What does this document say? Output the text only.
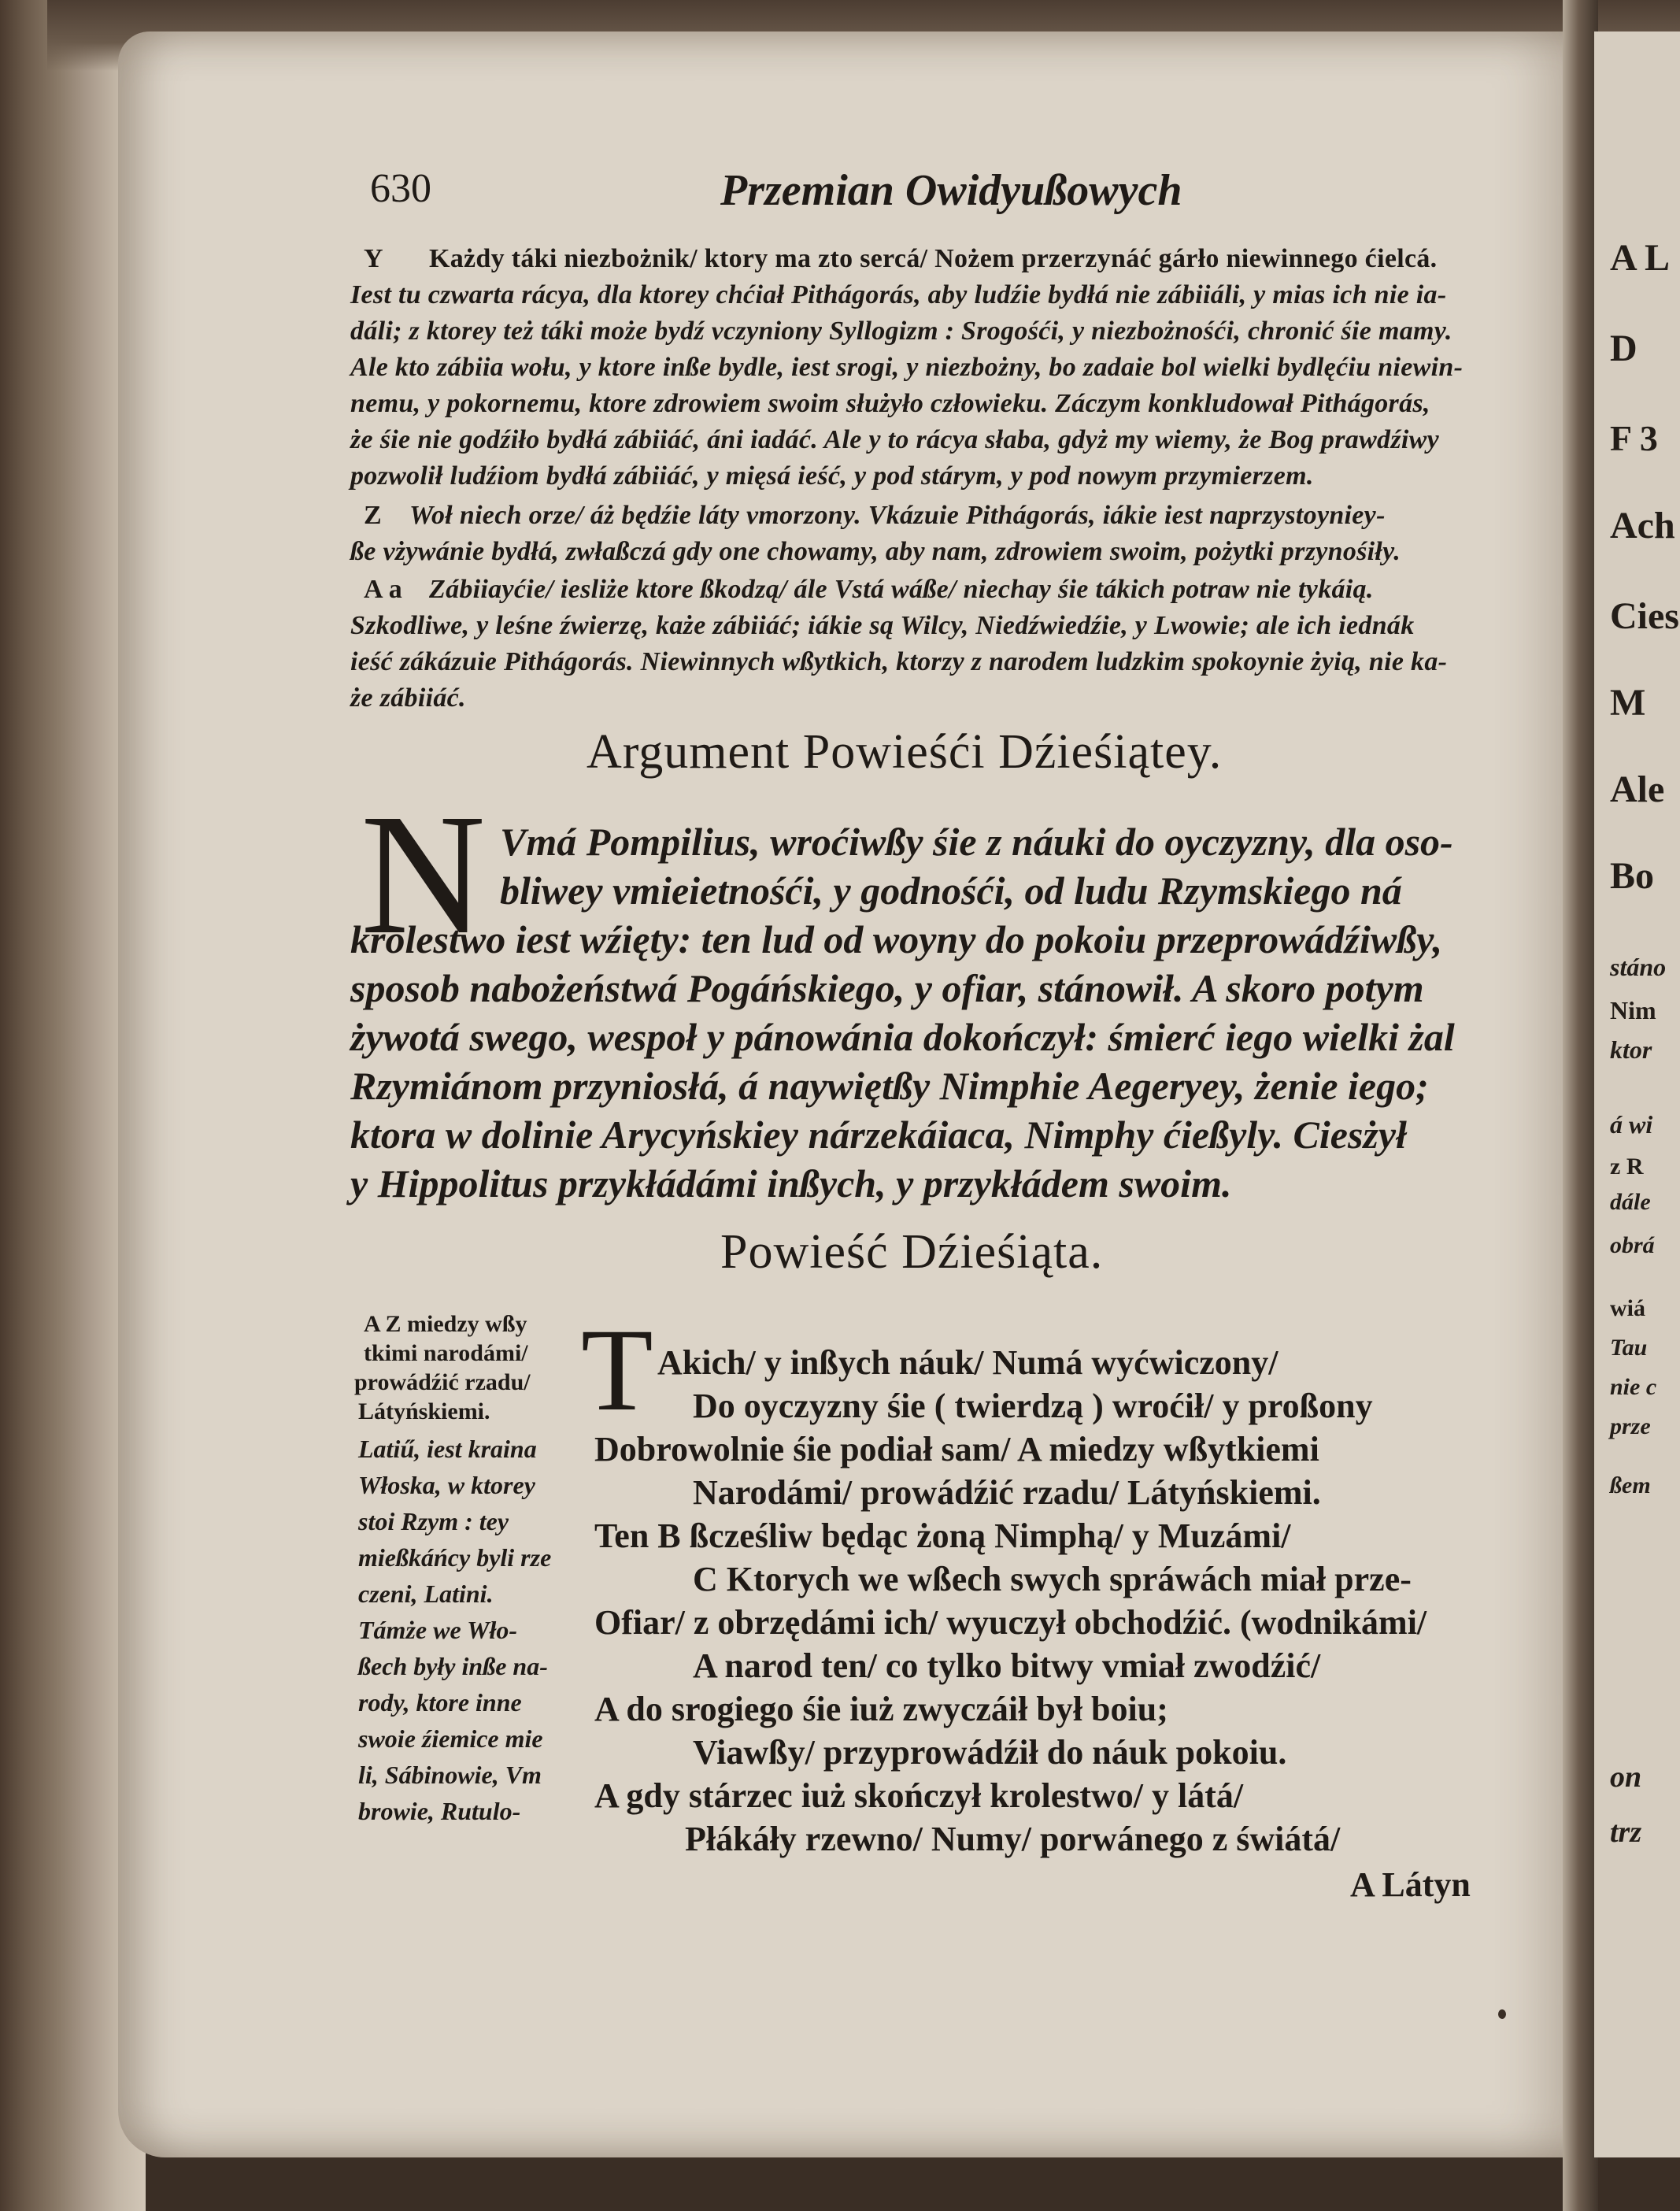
A L
D
F 3
Ach
Cies
M
Ale
Bo
stáno
Nim
ktor
á wi
z R
dále
obrá
wiá
Tau
nie c
prze
ßem
on
trz
630	Przemian Owidyußowych
Y Każdy táki niezbożnik/ ktory ma zto sercá/ Nożem przerzynáć gárło niewinnego ćielcá.
Iest tu czwarta rácya, dla ktorey chćiał Pithágorás, aby ludźie bydłá nie zábiiáli, y mias ich nie ia-
dáli; z ktorey też táki może bydź vczyniony Syllogizm : Srogośći, y niezbożnośći, chronić śie mamy.
Ale kto zábiia wołu, y ktore inße bydle, iest srogi, y niezbożny, bo zadaie bol wielki bydlęćiu niewin-
nemu, y pokornemu, ktore zdrowiem swoim służyło człowieku. Záczym konkludował Pithágorás,
że śie nie godźiło bydłá zábiiáć, áni iadáć. Ale y to rácya słaba, gdyż my wiemy, że Bog prawdźiwy
pozwolił ludźiom bydłá zábiiáć, y mięsá ieść, y pod stárym, y pod nowym przymierzem.
Z Woł niech orze/ áż będźie láty vmorzony. Vkázuie Pithágorás, iákie iest naprzystoyniey-
ße vżywánie bydłá, zwłaßczá gdy one chowamy, aby nam, zdrowiem swoim, pożytki przynośiły.
A a Zábiiayćie/ iesliże ktore ßkodzą/ ále Vstá wáße/ niechay śie tákich potraw nie tykáią.
Szkodliwe, y leśne źwierzę, każe zábiiáć; iákie są Wilcy, Niedźwiedźie, y Lwowie; ale ich iednák
ieść zákázuie Pithágorás. Niewinnych wßytkich, ktorzy z narodem ludzkim spokoynie żyią, nie ka-
że zábiiáć.
Argument Powieśći Dźieśiątey.
N Vmá Pompilius, wroćiwßy śie z náuki do oyczyzny, dla oso-
bliwey vmieietnośći, y godnośći, od ludu Rzymskiego ná
krolestwo iest wźięty: ten lud od woyny do pokoiu przeprowádźiwßy,
sposob nabożeństwá Pogáńskiego, y ofiar, stánowił. A skoro potym
żywotá swego, wespoł y pánowánia dokończył: śmierć iego wielki żal
Rzymiánom przyniosłá, á naywiętßy Nimphie Aegeryey, żenie iego;
ktora w dolinie Arycyńskiey nárzekáiaca, Nimphy ćießyly. Ciesżył
y Hippolitus przykłádámi inßych, y przykłádem swoim.
Powieść Dźieśiąta.
A Z miedzy wßy
tkimi narodámi/
prowádźić rzadu/
Látyńskiemi.
Latiű, iest kraina
Włoska, w ktorey
stoi Rzym : tey
mießkáńcy byli rze
czeni, Latini.
Támże we Wło-
ßech były inße na-
rody, ktore inne
swoie źiemice mie
li, Sábinowie, Vm
browie, Rutulo-
T Akich/ y inßych náuk/ Numá wyćwiczony/
Do oyczyzny śie ( twierdzą ) wroćił/ y proßony
Dobrowolnie śie podiał sam/ A miedzy wßytkiemi
Narodámi/ prowádźić rzadu/ Látyńskiemi.
Ten B ßcześliw będąc żoną Nimphą/ y Muzámi/
C Ktorych we wßech swych spráwách miał prze-
Ofiar/ z obrzędámi ich/ wyuczył obchodźić. (wodnikámi/
A narod ten/ co tylko bitwy vmiał zwodźić/
A do srogiego śie iuż zwyczáił był boiu;
Viawßy/ przyprowádźił do náuk pokoiu.
A gdy stárzec iuż skończył krolestwo/ y látá/
Płákáły rzewno/ Numy/ porwánego z świátá/
A Látyn
